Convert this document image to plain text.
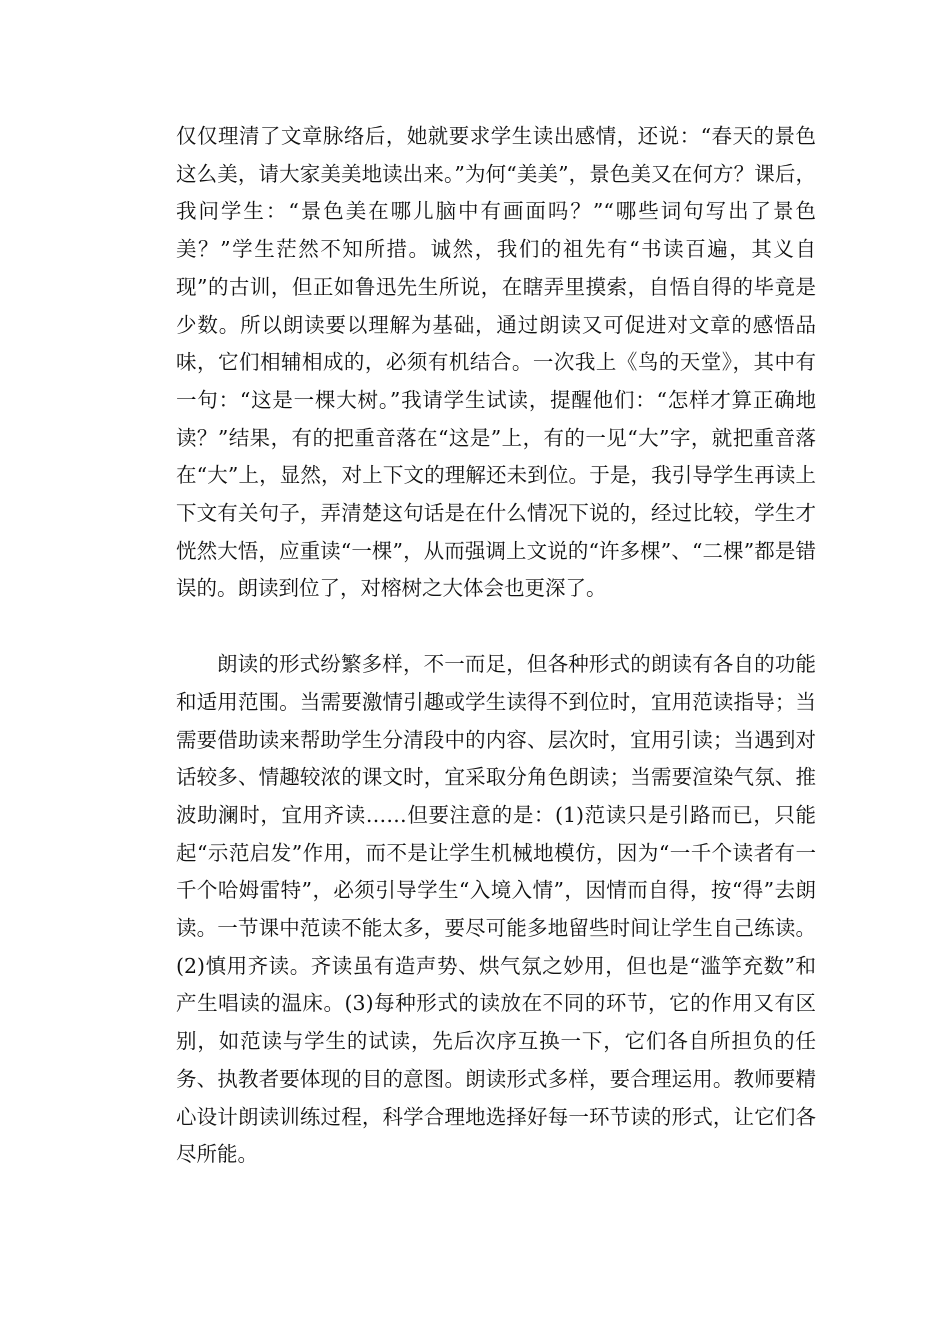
仅仅理清了文章脉络后，她就要求学生读出感情，还说：“春天的景色这么美，请大家美美地读出来。”为何“美美”，景色美又在何方？课后，我问学生：“景色美在哪儿脑中有画面吗？”“哪些词句写出了景色美？”学生茫然不知所措。诚然，我们的祖先有“书读百遍，其义自现”的古训，但正如鲁迅先生所说，在瞎弄里摸索，自悟自得的毕竟是少数。所以朗读要以理解为基础，通过朗读又可促进对文章的感悟品味，它们相辅相成的，必须有机结合。一次我上《鸟的天堂》，其中有一句：“这是一棵大树。”我请学生试读，提醒他们：“怎样才算正确地读？”结果，有的把重音落在“这是”上，有的一见“大”字，就把重音落在“大”上，显然，对上下文的理解还未到位。于是，我引导学生再读上下文有关句子，弄清楚这句话是在什么情况下说的，经过比较，学生才恍然大悟，应重读“一棵”，从而强调上文说的“许多棵”、“二棵”都是错误的。朗读到位了，对榕树之大体会也更深了。

朗读的形式纷繁多样，不一而足，但各种形式的朗读有各自的功能和适用范围。当需要激情引趣或学生读得不到位时，宜用范读指导；当需要借助读来帮助学生分清段中的内容、层次时，宜用引读；当遇到对话较多、情趣较浓的课文时，宜采取分角色朗读；当需要渲染气氛、推波助澜时，宜用齐读……但要注意的是：(1)范读只是引路而已，只能起“示范启发”作用，而不是让学生机械地模仿，因为“一千个读者有一千个哈姆雷特”，必须引导学生“入境入情”，因情而自得，按“得”去朗读。一节课中范读不能太多，要尽可能多地留些时间让学生自己练读。(2)慎用齐读。齐读虽有造声势、烘气氛之妙用，但也是“滥竽充数”和产生唱读的温床。(3)每种形式的读放在不同的环节，它的作用又有区别，如范读与学生的试读，先后次序互换一下，它们各自所担负的任务、执教者要体现的目的意图。朗读形式多样，要合理运用。教师要精心设计朗读训练过程，科学合理地选择好每一环节读的形式，让它们各尽所能。
